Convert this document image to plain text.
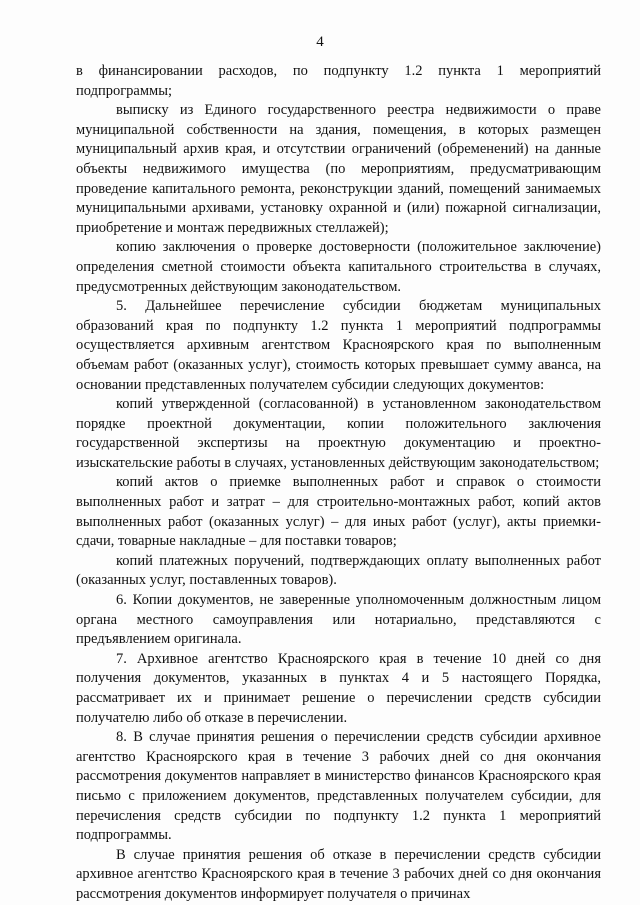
4

в финансировании расходов, по подпункту 1.2 пункта 1 мероприятий подпрограммы;

выписку из Единого государственного реестра недвижимости о праве муниципальной собственности на здания, помещения, в которых размещен муниципальный архив края, и отсутствии ограничений (обременений) на данные объекты недвижимого имущества (по мероприятиям, предусматривающим проведение капитального ремонта, реконструкции зданий, помещений занимаемых муниципальными архивами, установку охранной и (или) пожарной сигнализации, приобретение и монтаж передвижных стеллажей);

копию заключения о проверке достоверности (положительное заключение) определения сметной стоимости объекта капитального строительства в случаях, предусмотренных действующим законодательством.

5. Дальнейшее перечисление субсидии бюджетам муниципальных образований края по подпункту 1.2 пункта 1 мероприятий подпрограммы осуществляется архивным агентством Красноярского края по выполненным объемам работ (оказанных услуг), стоимость которых превышает сумму аванса, на основании представленных получателем субсидии следующих документов:

копий утвержденной (согласованной) в установленном законодательством порядке проектной документации, копии положительного заключения государственной экспертизы на проектную документацию и проектно-изыскательские работы в случаях, установленных действующим законодательством;

копий актов о приемке выполненных работ и справок о стоимости выполненных работ и затрат – для строительно-монтажных работ, копий актов выполненных работ (оказанных услуг) – для иных работ (услуг), акты приемки-сдачи, товарные накладные – для поставки товаров;

копий платежных поручений, подтверждающих оплату выполненных работ (оказанных услуг, поставленных товаров).

6. Копии документов, не заверенные уполномоченным должностным лицом органа местного самоуправления или нотариально, представляются с предъявлением оригинала.

7. Архивное агентство Красноярского края в течение 10 дней со дня получения документов, указанных в пунктах 4 и 5 настоящего Порядка, рассматривает их и принимает решение о перечислении средств субсидии получателю либо об отказе в перечислении.

8. В случае принятия решения о перечислении средств субсидии архивное агентство Красноярского края в течение 3 рабочих дней со дня окончания рассмотрения документов направляет в министерство финансов Красноярского края письмо с приложением документов, представленных получателем субсидии, для перечисления средств субсидии по подпункту 1.2 пункта 1 мероприятий подпрограммы.

В случае принятия решения об отказе в перечислении средств субсидии архивное агентство Красноярского края в течение 3 рабочих дней со дня окончания рассмотрения документов информирует получателя о причинах
